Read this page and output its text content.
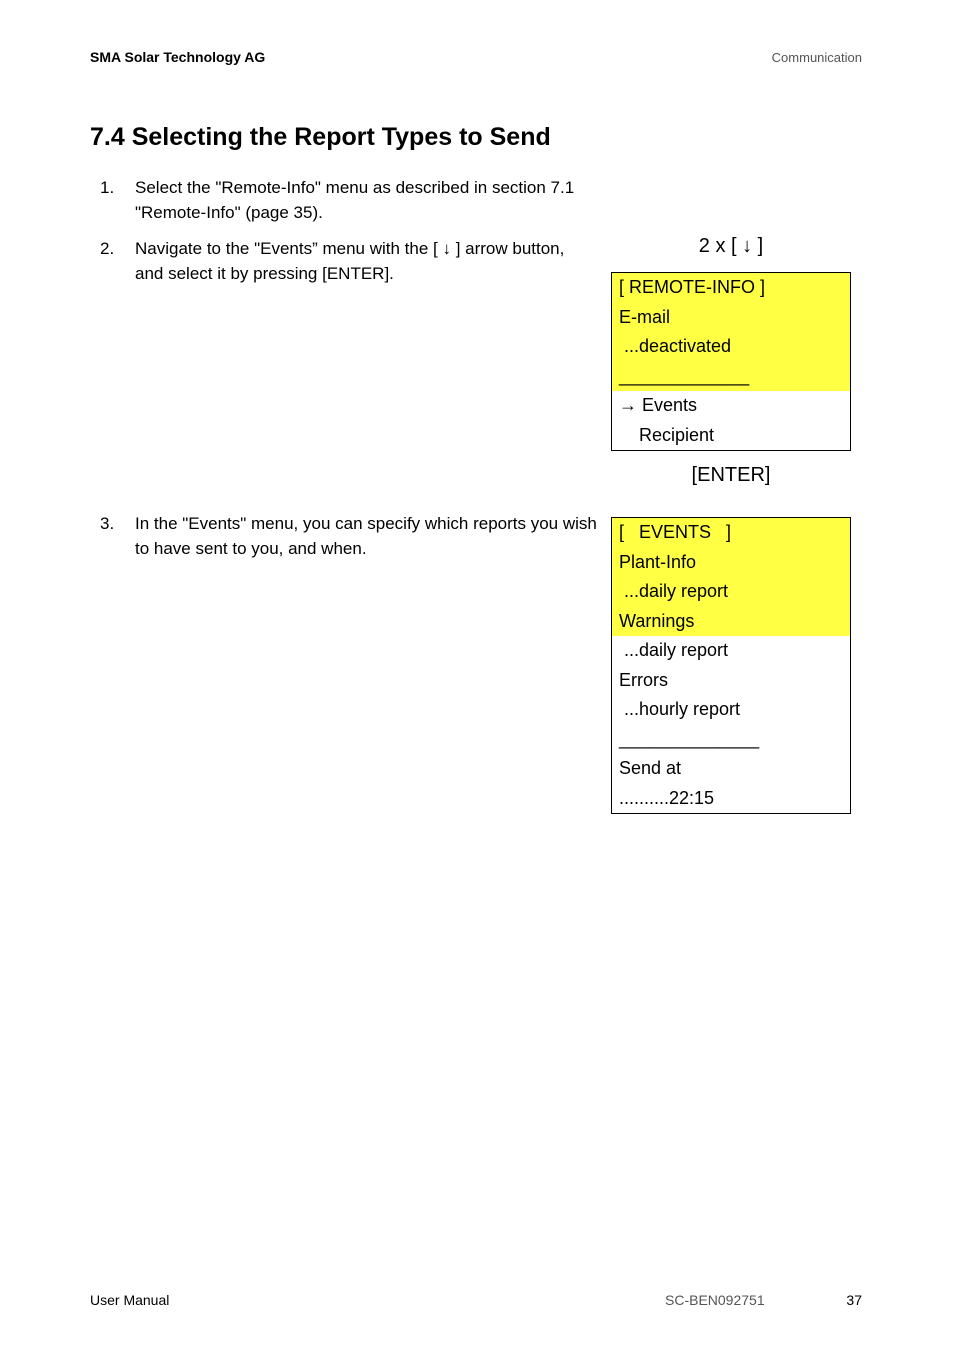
SMA Solar Technology AG	Communication
7.4 Selecting the Report Types to Send
1. Select the "Remote-Info" menu as described in section 7.1
"Remote-Info" (page 35).
2. Navigate to the "Events” menu with the [ ↓ ] arrow button,
and select it by pressing [ENTER].
3. In the "Events" menu, you can specify which reports you wish
to have sent to you, and when.
2 x [ ↓ ]
[ REMOTE-INFO ]
E-mail
...deactivated
_____________
→ Events
Recipient
[ENTER]
[   EVENTS   ]
Plant-Info
...daily report
Warnings
...daily report
Errors
...hourly report
______________
Send at
..........22:15
User Manual	SC-BEN092751	37
